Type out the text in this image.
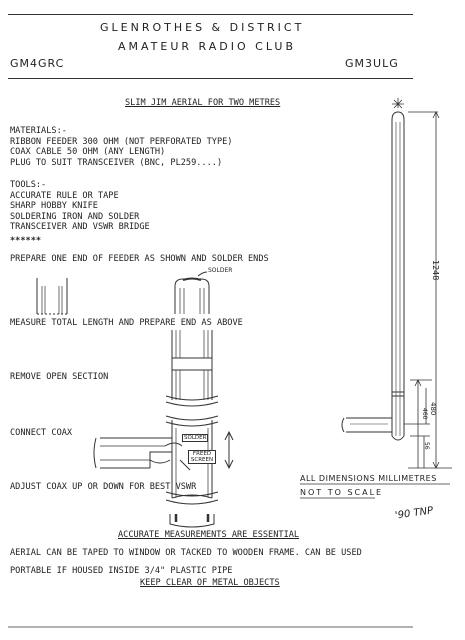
GLENROTHES & DISTRICT
AMATEUR RADIO CLUB
GM4GRC	GM3ULG
SLIM JIM AERIAL FOR TWO METRES
MATERIALS:-
RIBBON FEEDER 300 OHM (NOT PERFORATED TYPE)
COAX CABLE 50 OHM (ANY LENGTH)
PLUG TO SUIT TRANSCEIVER (BNC, PL259....)
TOOLS:-
ACCURATE RULE OR TAPE
SHARP HOBBY KNIFE
SOLDERING IRON AND SOLDER
TRANSCEIVER AND VSWR BRIDGE
******
PREPARE ONE END OF FEEDER AS SHOWN AND SOLDER ENDS
MEASURE TOTAL LENGTH AND PREPARE END AS ABOVE
REMOVE OPEN SECTION
CONNECT COAX
ADJUST COAX UP OR DOWN FOR BEST VSWR
SOLDER
SOLDER
FREED SCREEN
1248
480
460
56
ALL DIMENSIONS MILLIMETRES
NOT TO SCALE
'90 TNP
ACCURATE MEASUREMENTS ARE ESSENTIAL
AERIAL CAN BE TAPED TO WINDOW OR TACKED TO WOODEN FRAME. CAN BE USED
PORTABLE IF HOUSED INSIDE 3/4" PLASTIC PIPE
KEEP CLEAR OF METAL OBJECTS
